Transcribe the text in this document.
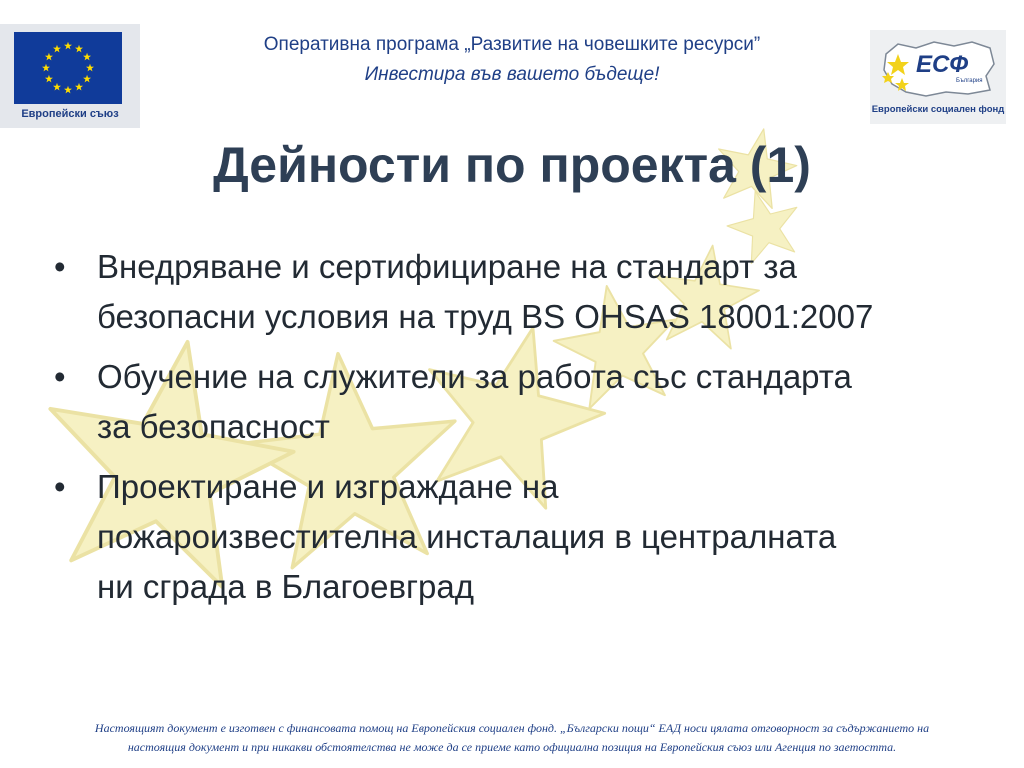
Европейски съюз
ЕСФ
България
Европейски социален фонд
Оперативна програма „Развитие на човешките ресурси”
Инвестира във вашето бъдеще!
Дейности по проекта (1)
• Внедряване и сертифициране на стандарт за
безопасни условия на труд BS OHSAS 18001:2007
• Обучение на служители за работа със стандарта
за безопасност
• Проектиране и изграждане на
пожароизвестителна инсталация в централната
ни сграда в Благоевград
Настоящият документ е изготвен с финансовата помощ на Европейския социален фонд. „Български пощи“ ЕАД носи цялата отговорност за съдържанието на
настоящия документ и при никакви обстоятелства не може да се приеме като официална позиция на Европейския съюз или Агенция по заетостта.
